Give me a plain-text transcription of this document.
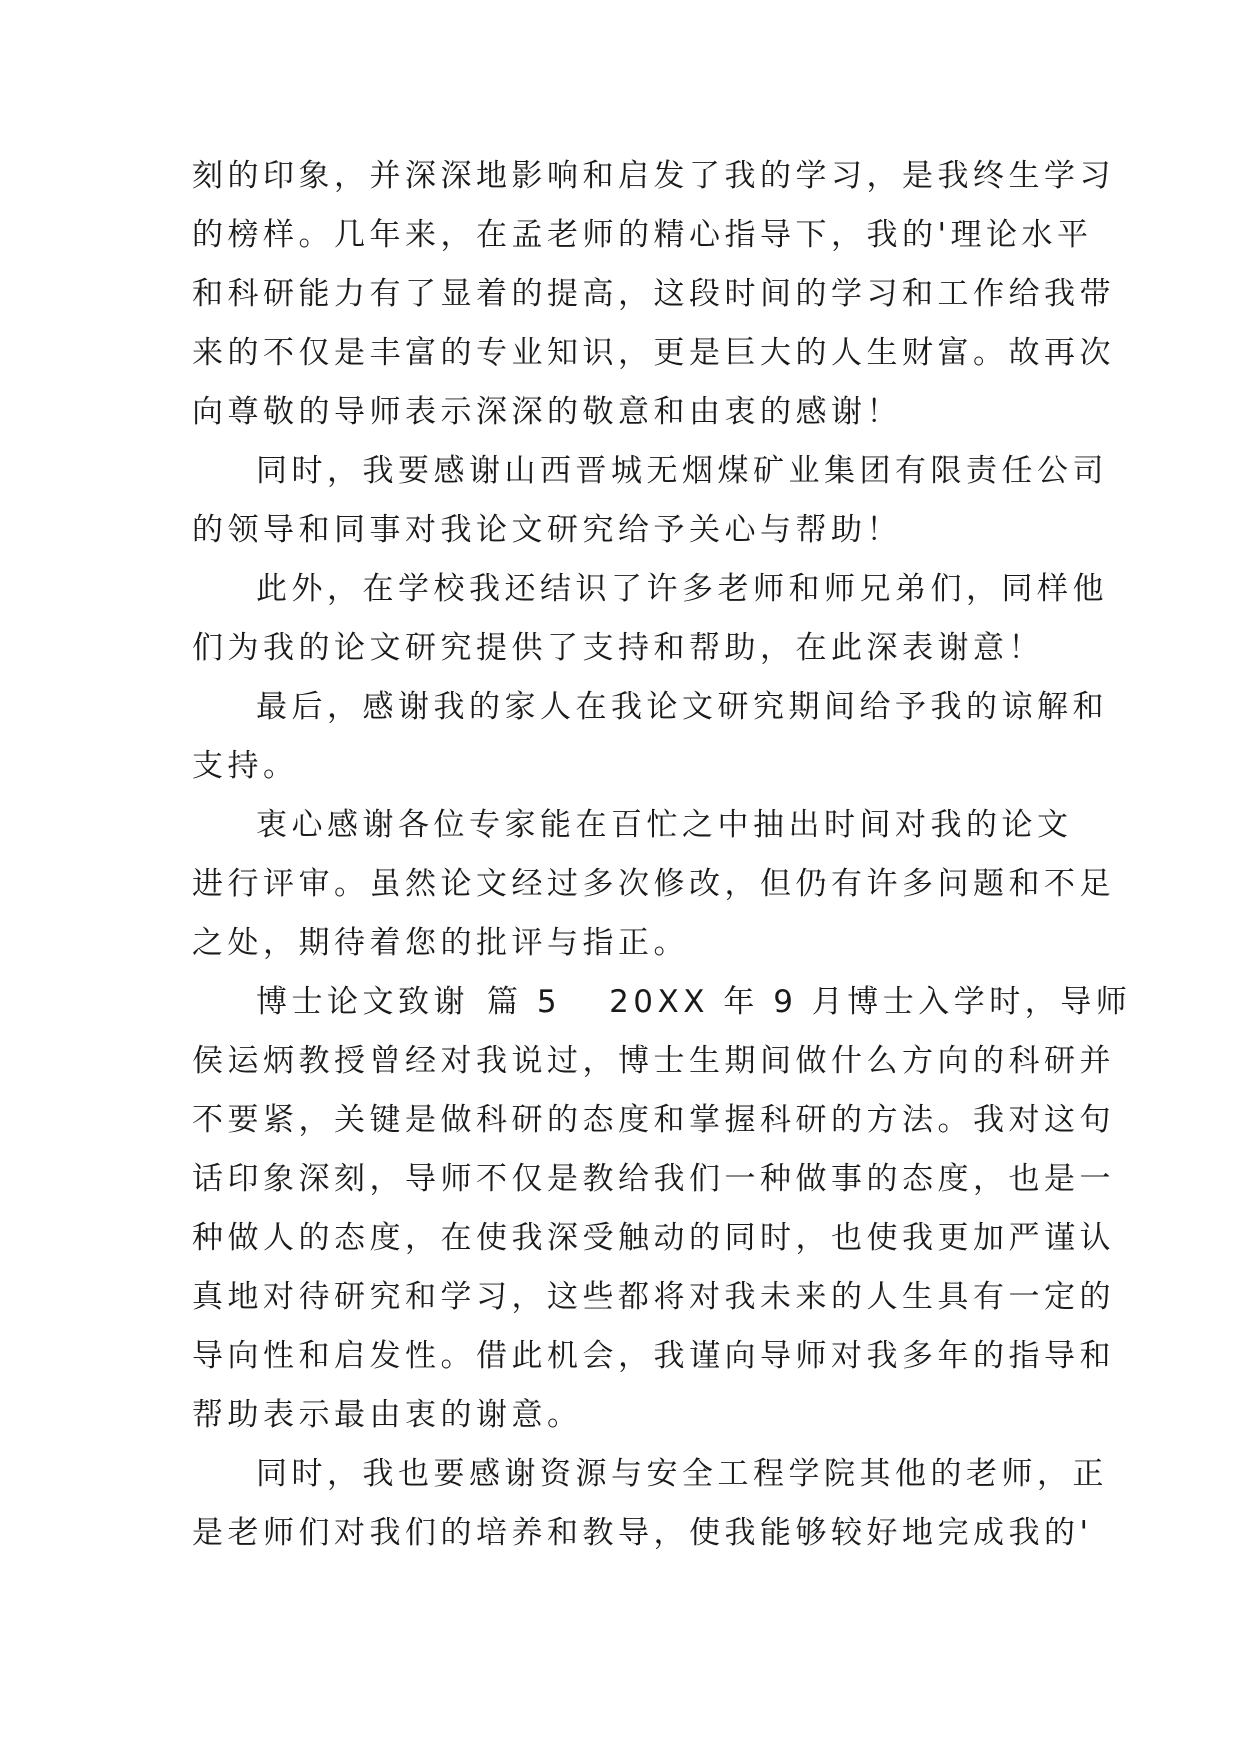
刻的印象，并深深地影响和启发了我的学习，是我终生学习
的榜样。几年来，在孟老师的精心指导下，我的'理论水平
和科研能力有了显着的提高，这段时间的学习和工作给我带
来的不仅是丰富的专业知识，更是巨大的人生财富。故再次
向尊敬的导师表示深深的敬意和由衷的感谢！
同时，我要感谢山西晋城无烟煤矿业集团有限责任公司
的领导和同事对我论文研究给予关心与帮助！
此外，在学校我还结识了许多老师和师兄弟们，同样他
们为我的论文研究提供了支持和帮助，在此深表谢意！
最后，感谢我的家人在我论文研究期间给予我的谅解和
支持。
衷心感谢各位专家能在百忙之中抽出时间对我的论文
进行评审。虽然论文经过多次修改，但仍有许多问题和不足
之处，期待着您的批评与指正。
博士论文致谢 篇 5 20XX 年 9 月博士入学时，导师
侯运炳教授曾经对我说过，博士生期间做什么方向的科研并
不要紧，关键是做科研的态度和掌握科研的方法。我对这句
话印象深刻，导师不仅是教给我们一种做事的态度，也是一
种做人的态度，在使我深受触动的同时，也使我更加严谨认
真地对待研究和学习，这些都将对我未来的人生具有一定的
导向性和启发性。借此机会，我谨向导师对我多年的指导和
帮助表示最由衷的谢意。
同时，我也要感谢资源与安全工程学院其他的老师，正
是老师们对我们的培养和教导，使我能够较好地完成我的'
